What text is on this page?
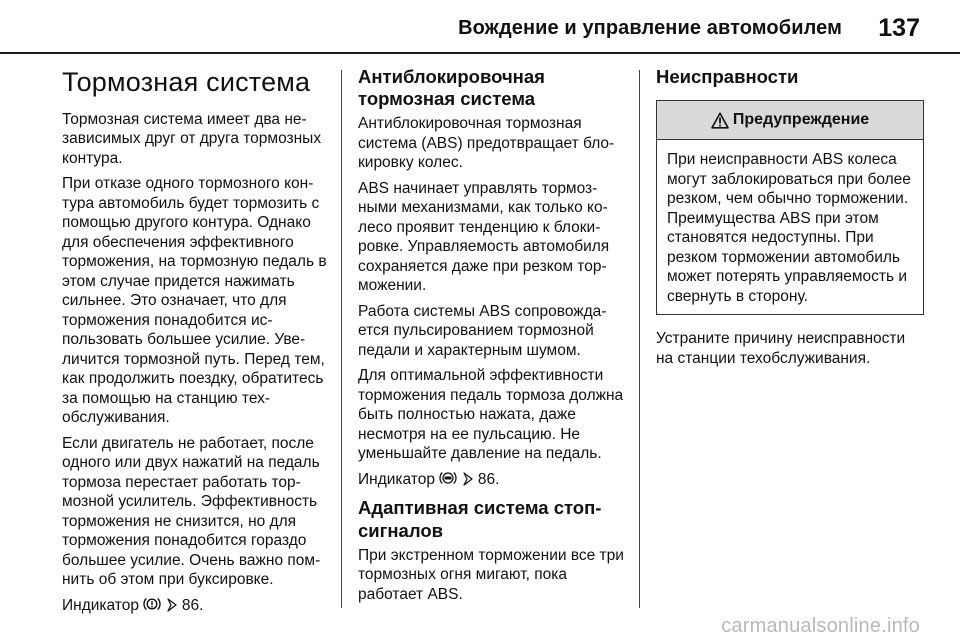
Вождение и управление автомобилем 137
Тормозная система

Тормозная система имеет два независимых друг от друга тормозных контура.

При отказе одного тормозного контура автомобиль будет тормозить с помощью другого контура. Однако для обеспечения эффективного торможения, на тормозную педаль в этом случае придется нажимать сильнее. Это означает, что для торможения понадобится использовать большее усилие. Увеличится тормозной путь. Перед тем, как продолжить поездку, обратитесь за помощью на станцию техобслуживания.

Если двигатель не работает, после одного или двух нажатий на педаль тормоза перестает работать тормозной усилитель. Эффективность торможения не снизится, но для торможения понадобится гораздо большее усилие. Очень важно помнить об этом при буксировке.

Индикатор	86.

Антиблокировочная тормозная система

Антиблокировочная тормозная система (ABS) предотвращает блокировку колес.

ABS начинает управлять тормозными механизмами, как только колесо проявит тенденцию к блокировке. Управляемость автомобиля сохраняется даже при резком торможении.

Работа системы ABS сопровождается пульсированием тормозной педали и характерным шумом.

Для оптимальной эффективности торможения педаль тормоза должна быть полностью нажата, даже несмотря на ее пульсацию. Не уменьшайте давление на педаль.

Индикатор	86.

Адаптивная система стоп-сигналов

При экстренном торможении все три тормозных огня мигают, пока работает ABS.

Неисправности
Предупреждение
При неисправности ABS колеса могут заблокироваться при более резком, чем обычно торможении. Преимущества ABS при этом становятся недоступны. При резком торможении автомобиль может потерять управляемость и свернуть в сторону.

Устраните причину неисправности на станции техобслуживания.

carmanualsonline.info
